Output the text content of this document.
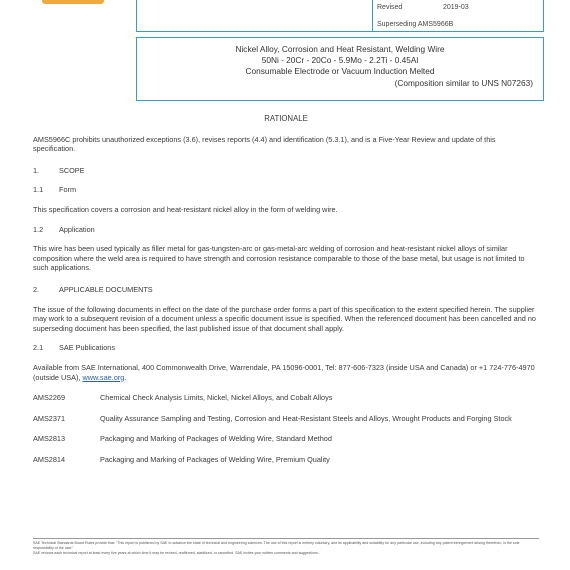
Revised	2019-03
Superseding AMS5966B
Nickel Alloy, Corrosion and Heat Resistant, Welding Wire
50Ni - 20Cr - 20Co - 5.9Mo - 2.2Ti - 0.45Al
Consumable Electrode or Vacuum Induction Melted
(Composition similar to UNS N07263)
RATIONALE

AMS5966C prohibits unauthorized exceptions (3.6), revises reports (4.4) and identification (5.3.1), and is a Five-Year Review and update of this specification.

1.	SCOPE

1.1 Form

This specification covers a corrosion and heat-resistant nickel alloy in the form of welding wire.

1.2 Application

This wire has been used typically as filler metal for gas-tungsten-arc or gas-metal-arc welding of corrosion and heat-resistant nickel alloys of similar composition where the weld area is required to have strength and corrosion resistance comparable to those of the base metal, but usage is not limited to such applications.

2.	APPLICABLE DOCUMENTS

The issue of the following documents in effect on the date of the purchase order forms a part of this specification to the extent specified herein. The supplier may work to a subsequent revision of a document unless a specific document issue is specified. When the referenced document has been cancelled and no superseding document has been specified, the last published issue of that document shall apply.

2.1 SAE Publications

Available from SAE International, 400 Commonwealth Drive, Warrendale, PA 15096-0001, Tel: 877-606-7323 (inside USA and Canada) or +1 724-776-4970 (outside USA), www.sae.org.

AMS2269	Chemical Check Analysis Limits, Nickel, Nickel Alloys, and Cobalt Alloys
AMS2371	Quality Assurance Sampling and Testing, Corrosion and Heat-Resistant Steels and Alloys, Wrought Products and Forging Stock
AMS2813	Packaging and Marking of Packages of Welding Wire, Standard Method
AMS2814	Packaging and Marking of Packages of Welding Wire, Premium Quality
SAE Technical Standards Board Rules provide that: "This report is published by SAE to advance the state of technical and engineering sciences. The use of this report is entirely voluntary, and its applicability and suitability for any particular use, including any patent infringement arising therefrom, is the sole responsibility of the user."
SAE reviews each technical report at least every five years at which time it may be revised, reaffirmed, stabilized, or cancelled. SAE invites your written comments and suggestions.
